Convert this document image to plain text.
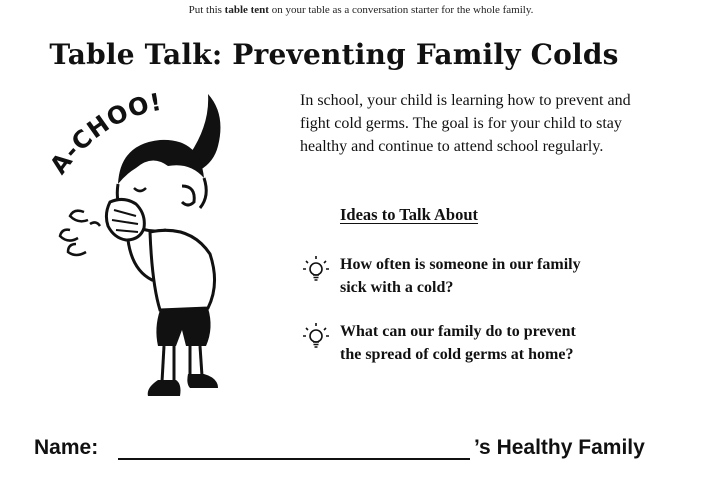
Put this table tent on your table as a conversation starter for the whole family.
Table Talk: Preventing Family Colds
A-CHOO!	In school, your child is learning how to prevent and fight cold germs. The goal is for your child to stay healthy and continue to attend school regularly.
Ideas to Talk About
How often is someone in our family
sick with a cold?
What can our family do to prevent
the spread of cold germs at home?
Name:	’s Healthy Family
